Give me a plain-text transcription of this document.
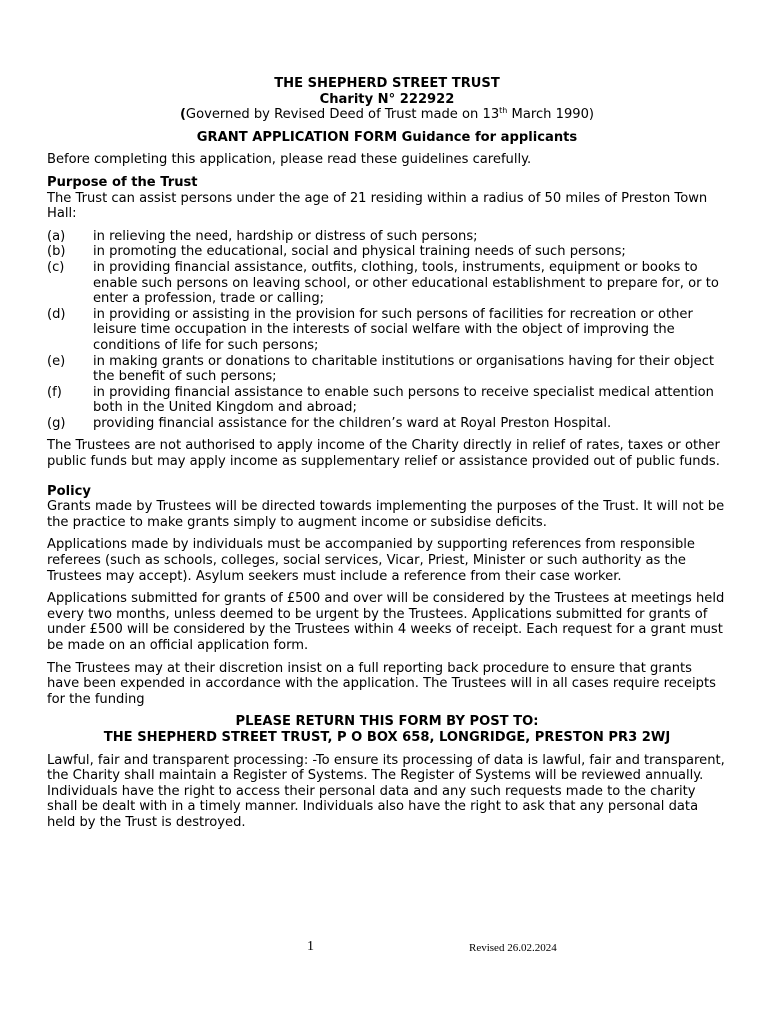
THE SHEPHERD STREET TRUST

Charity N° 222922

(Governed by Revised Deed of Trust made on 13th March 1990)

GRANT APPLICATION FORM Guidance for applicants

Before completing this application, please read these guidelines carefully.

Purpose of the Trust

The Trust can assist persons under the age of 21 residing within a radius of 50 miles of Preston Town Hall:

(a)	in relieving the need, hardship or distress of such persons;
(b)	in promoting the educational, social and physical training needs of such persons;
(c)	in providing financial assistance, outfits, clothing, tools, instruments, equipment or books to enable such persons on leaving school, or other educational establishment to prepare for, or to enter a profession, trade or calling;
(d)	in providing or assisting in the provision for such persons of facilities for recreation or other leisure time occupation in the interests of social welfare with the object of improving the conditions of life for such persons;
(e)	in making grants or donations to charitable institutions or organisations having for their object the benefit of such persons;
(f)	in providing financial assistance to enable such persons to receive specialist medical attention both in the United Kingdom and abroad;
(g)	providing financial assistance for the children’s ward at Royal Preston Hospital.

The Trustees are not authorised to apply income of the Charity directly in relief of rates, taxes or other public funds but may apply income as supplementary relief or assistance provided out of public funds.

Policy

Grants made by Trustees will be directed towards implementing the purposes of the Trust. It will not be the practice to make grants simply to augment income or subsidise deficits.

Applications made by individuals must be accompanied by supporting references from responsible referees (such as schools, colleges, social services, Vicar, Priest, Minister or such authority as the Trustees may accept). Asylum seekers must include a reference from their case worker.

Applications submitted for grants of £500 and over will be considered by the Trustees at meetings held every two months, unless deemed to be urgent by the Trustees. Applications submitted for grants of under £500 will be considered by the Trustees within 4 weeks of receipt. Each request for a grant must be made on an official application form.

The Trustees may at their discretion insist on a full reporting back procedure to ensure that grants have been expended in accordance with the application. The Trustees will in all cases require receipts for the funding

PLEASE RETURN THIS FORM BY POST TO:

THE SHEPHERD STREET TRUST, P O BOX 658, LONGRIDGE, PRESTON PR3 2WJ

Lawful, fair and transparent processing: -To ensure its processing of data is lawful, fair and transparent, the Charity shall maintain a Register of Systems. The Register of Systems will be reviewed annually. Individuals have the right to access their personal data and any such requests made to the charity shall be dealt with in a timely manner. Individuals also have the right to ask that any personal data held by the Trust is destroyed.

1	Revised 26.02.2024
